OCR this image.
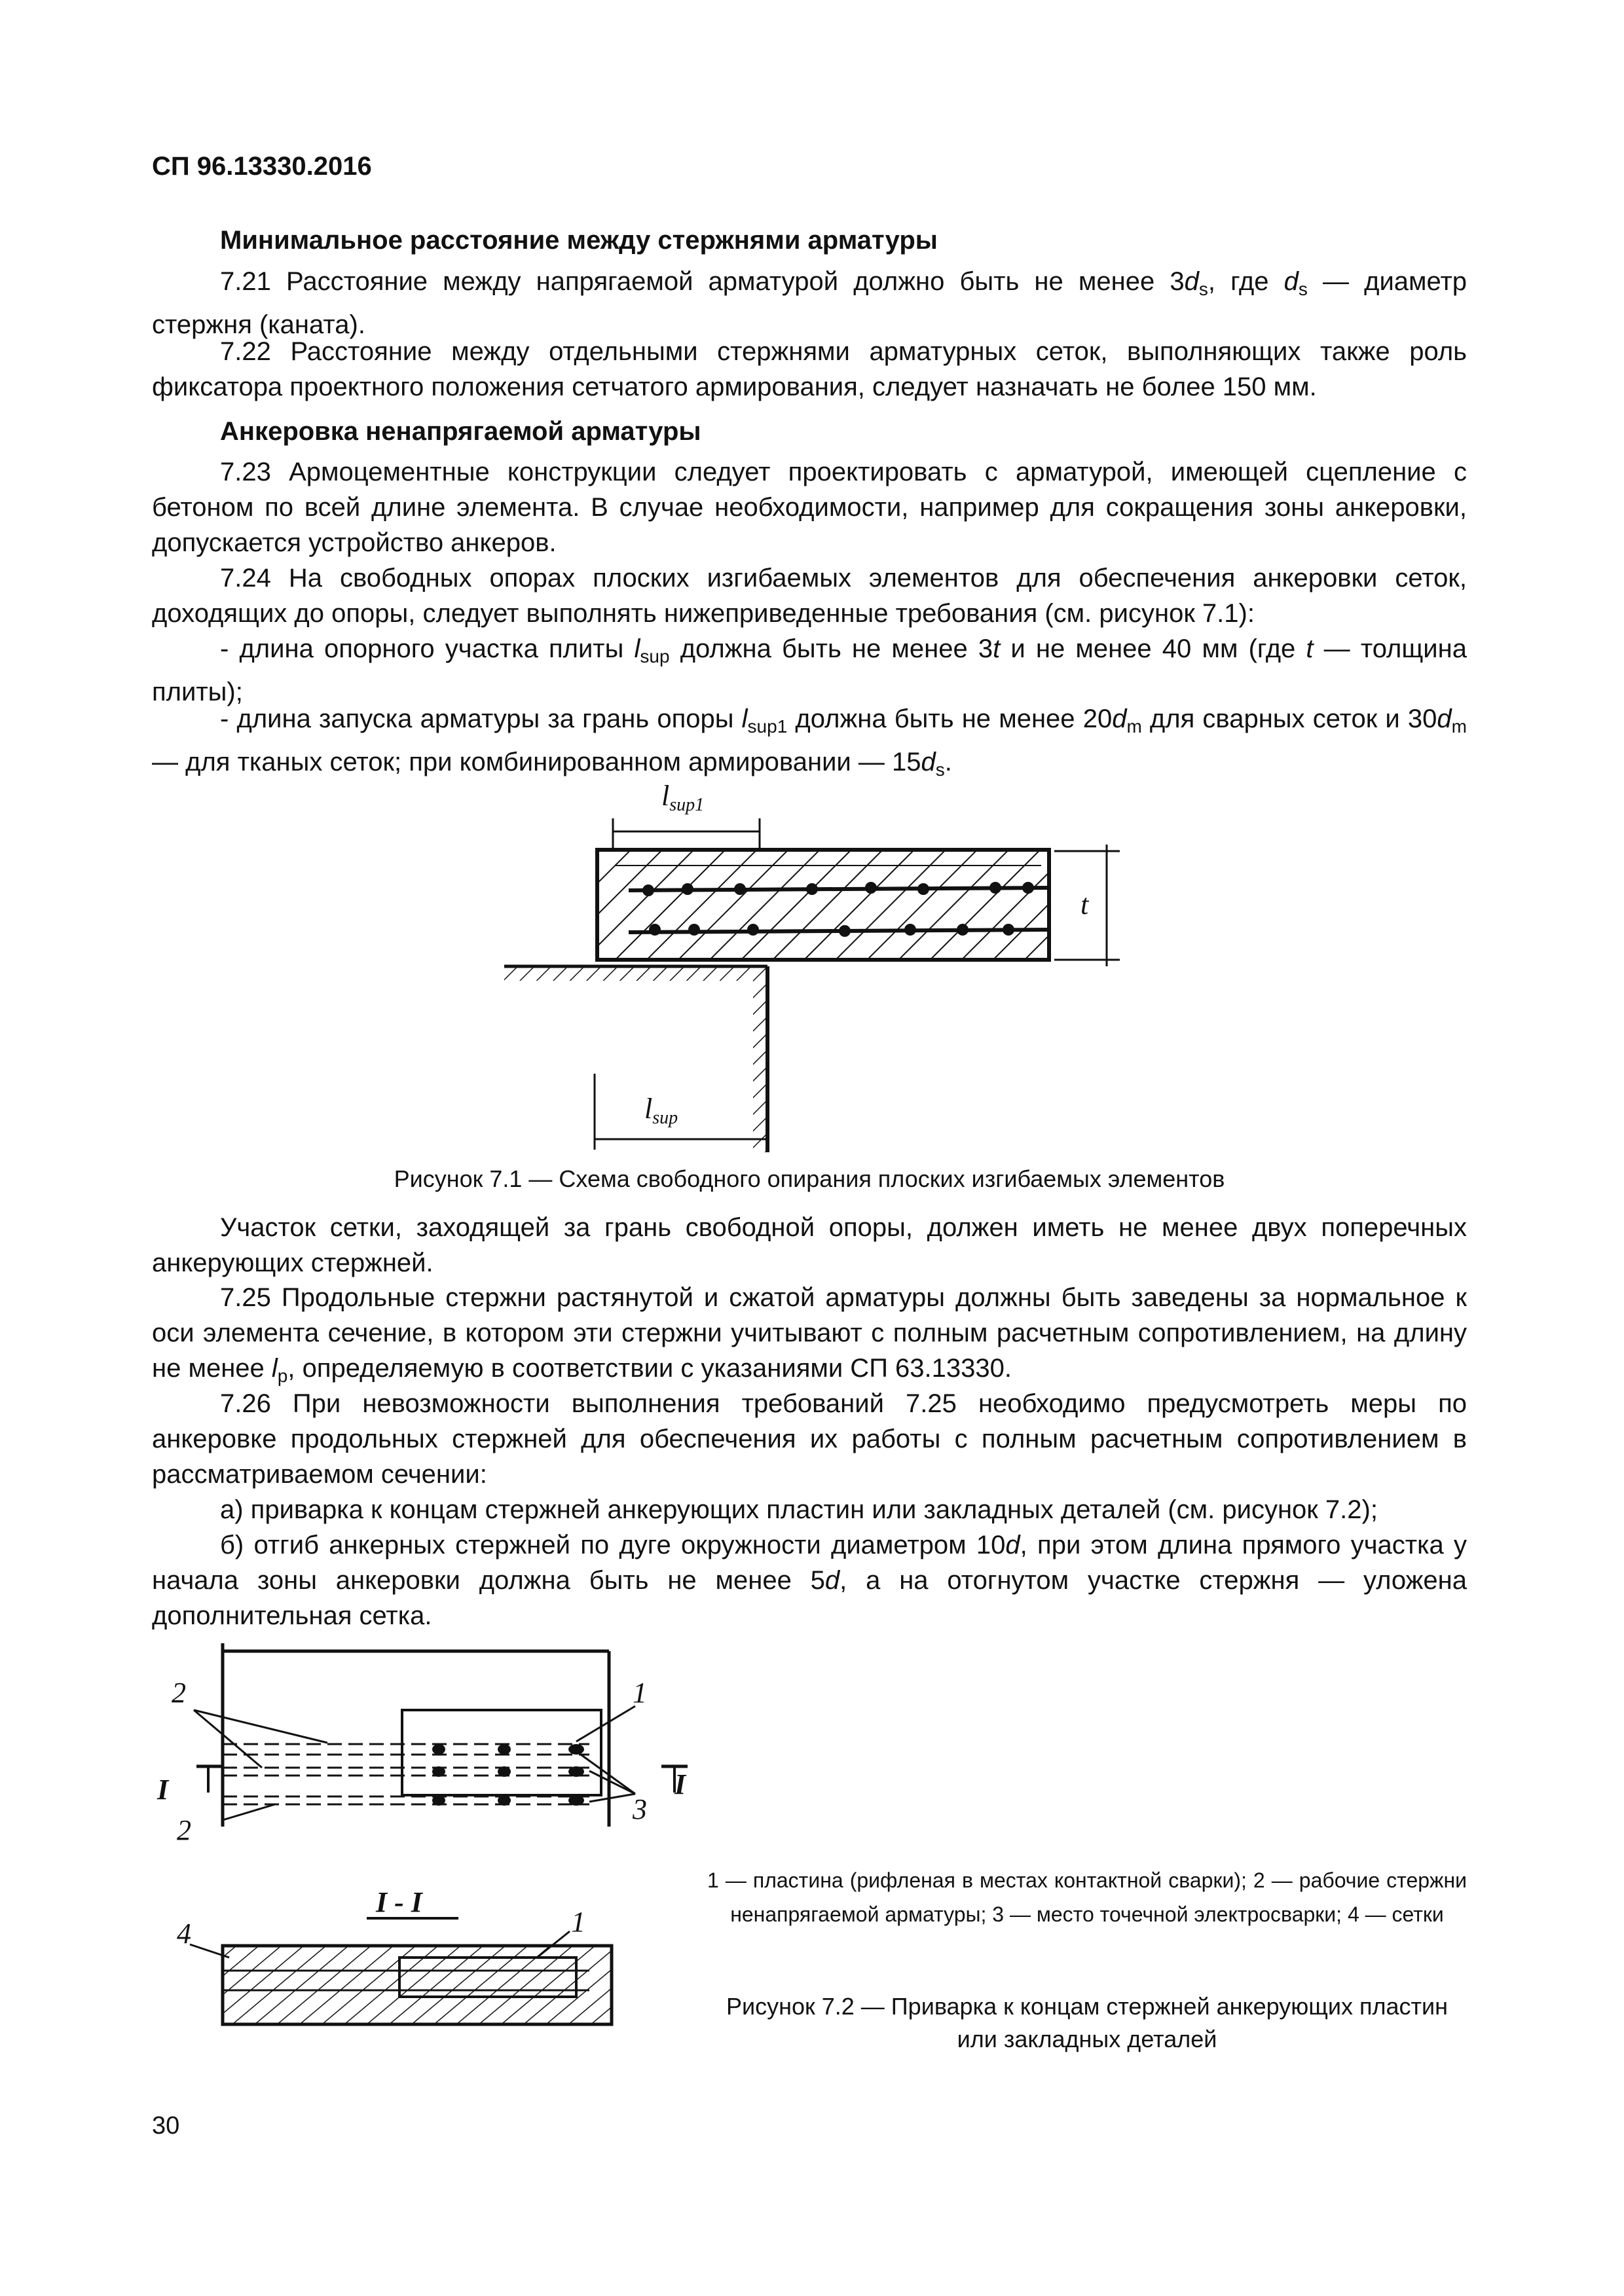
СП 96.13330.2016
Минимальное расстояние между стержнями арматуры

7.21 Расстояние между напрягаемой арматурой должно быть не менее $3d_s$, где $d_s$ — диаметр стержня (каната).

7.22 Расстояние между отдельными стержнями арматурных сеток, выполняющих также роль фиксатора проектного положения сетчатого армирования, следует назначать не более 150 мм.

Анкеровка ненапрягаемой арматуры

7.23 Армоцементные конструкции следует проектировать с арматурой, имеющей сцепление с бетоном по всей длине элемента. В случае необходимости, например для сокращения зоны анкеровки, допускается устройство анкеров.

7.24 На свободных опорах плоских изгибаемых элементов для обеспечения анкеровки сеток, доходящих до опоры, следует выполнять нижеприведенные требования (см. рисунок 7.1):

- длина опорного участка плиты $l_{sup}$ должна быть не менее 3t и не менее 40 мм (где t — толщина плиты);

- длина запуска арматуры за грань опоры $l_{sup1}$ должна быть не менее $20d_m$ для сварных сеток и $30d_m$ — для тканых сеток; при комбинированном армировании — $15d_s$.

$l_{sup1}$
t
$l_{sup}$
Рисунок 7.1 — Схема свободного опирания плоских изгибаемых элементов

Участок сетки, заходящей за грань свободной опоры, должен иметь не менее двух поперечных анкерующих стержней.

7.25 Продольные стержни растянутой и сжатой арматуры должны быть заведены за нормальное к оси элемента сечение, в котором эти стержни учитывают с полным расчетным сопротивлением, на длину не менее $l_p$, определяемую в соответствии с указаниями СП 63.13330.

7.26 При невозможности выполнения требований 7.25 необходимо предусмотреть меры по анкеровке продольных стержней для обеспечения их работы с полным расчетным сопротивлением в рассматриваемом сечении:

а) приварка к концам стержней анкерующих пластин или закладных деталей (см. рисунок 7.2);

б) отгиб анкерных стержней по дуге окружности диаметром 10d, при этом длина прямого участка у начала зоны анкеровки должна быть не менее 5d, а на отогнутом участке стержня — уложена дополнительная сетка.

2
2
1
3
I	I
I - I
4	1
1 — пластина (рифленая в местах контактной сварки); 2 — рабочие стержни ненапрягаемой арматуры; 3 — место точечной электросварки; 4 — сетки
Рисунок 7.2 — Приварка к концам стержней анкерующих пластин или закладных деталей
30
